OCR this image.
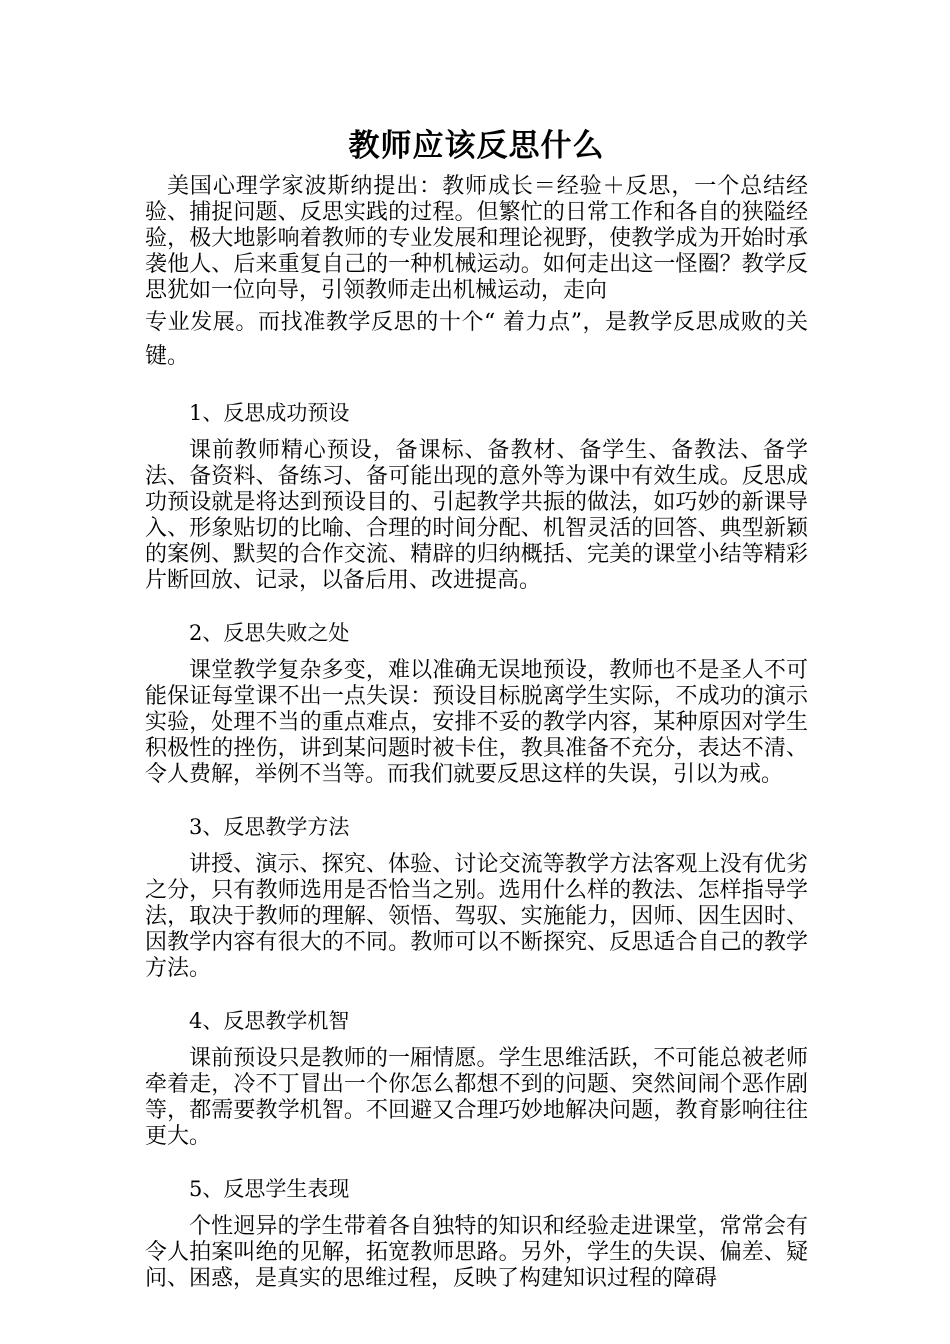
教师应该反思什么

美国心理学家波斯纳提出：教师成长＝经验＋反思，一个总结经验、捕捉问题、反思实践的过程。但繁忙的日常工作和各自的狭隘经验，极大地影响着教师的专业发展和理论视野，使教学成为开始时承袭他人、后来重复自己的一种机械运动。如何走出这一怪圈？教学反思犹如一位向导，引领教师走出机械运动，走向

专业发展。而找准教学反思的十个“ 着力点”，是教学反思成败的关键。

1、反思成功预设

课前教师精心预设，备课标、备教材、备学生、备教法、备学法、备资料、备练习、备可能出现的意外等为课中有效生成。反思成功预设就是将达到预设目的、引起教学共振的做法，如巧妙的新课导入、形象贴切的比喻、合理的时间分配、机智灵活的回答、典型新颖的案例、默契的合作交流、精辟的归纳概括、完美的课堂小结等精彩片断回放、记录，以备后用、改进提高。

2、反思失败之处

课堂教学复杂多变，难以准确无误地预设，教师也不是圣人不可能保证每堂课不出一点失误：预设目标脱离学生实际，不成功的演示实验，处理不当的重点难点，安排不妥的教学内容，某种原因对学生积极性的挫伤，讲到某问题时被卡住，教具准备不充分，表达不清、令人费解，举例不当等。而我们就要反思这样的失误，引以为戒。

3、反思教学方法

讲授、演示、探究、体验、讨论交流等教学方法客观上没有优劣之分，只有教师选用是否恰当之别。选用什么样的教法、怎样指导学法，取决于教师的理解、领悟、驾驭、实施能力，因师、因生因时、因教学内容有很大的不同。教师可以不断探究、反思适合自己的教学方法。

4、反思教学机智

课前预设只是教师的一厢情愿。学生思维活跃，不可能总被老师牵着走，冷不丁冒出一个你怎么都想不到的问题、突然间闹个恶作剧等，都需要教学机智。不回避又合理巧妙地解决问题，教育影响往往更大。

5、反思学生表现

个性迥异的学生带着各自独特的知识和经验走进课堂，常常会有令人拍案叫绝的见解，拓宽教师思路。另外，学生的失误、偏差、疑问、困惑，是真实的思维过程，反映了构建知识过程的障碍
